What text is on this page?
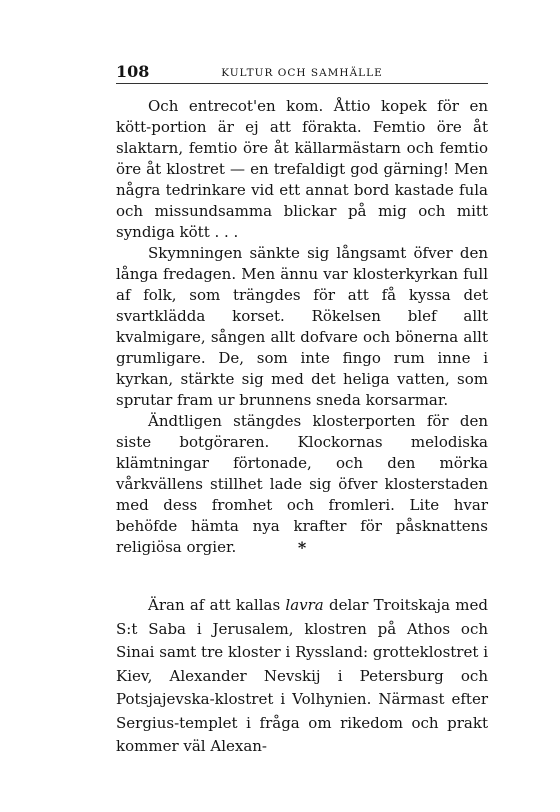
108	KULTUR OCH SAMHÄLLE

Och entrecot'en kom. Åttio kopek för en kött-portion är ej att förakta. Femtio öre åt slaktarn, femtio öre åt källarmästarn och femtio öre åt klostret — en trefaldigt god gärning! Men några tedrinkare vid ett annat bord kastade fula och missundsamma blickar på mig och mitt syndiga kött . . .

Skymningen sänkte sig långsamt öfver den långa fredagen. Men ännu var klosterkyrkan full af folk, som trängdes för att få kyssa det svartklädda korset. Rökelsen blef allt kvalmigare, sången allt dofvare och bönerna allt grumligare. De, som inte fingo rum inne i kyrkan, stärkte sig med det heliga vatten, som sprutar fram ur brunnens sneda korsarmar.

Ändtligen stängdes klosterporten för den siste botgöraren. Klockornas melodiska klämtningar förtonade, och den mörka vårkvällens stillhet lade sig öfver klosterstaden med dess fromhet och fromleri. Lite hvar behöfde hämta nya krafter för påsknattens religiösa orgier.	*

Äran af att kallas lavra delar Troitskaja med S:t Saba i Jerusalem, klostren på Athos och Sinai samt tre kloster i Ryssland: grotteklostret i Kiev, Alexander Nevskij i Petersburg och Potsjajevska-klostret i Volhynien. Närmast efter Sergius-templet i fråga om rikedom och prakt kommer väl Alexan-
